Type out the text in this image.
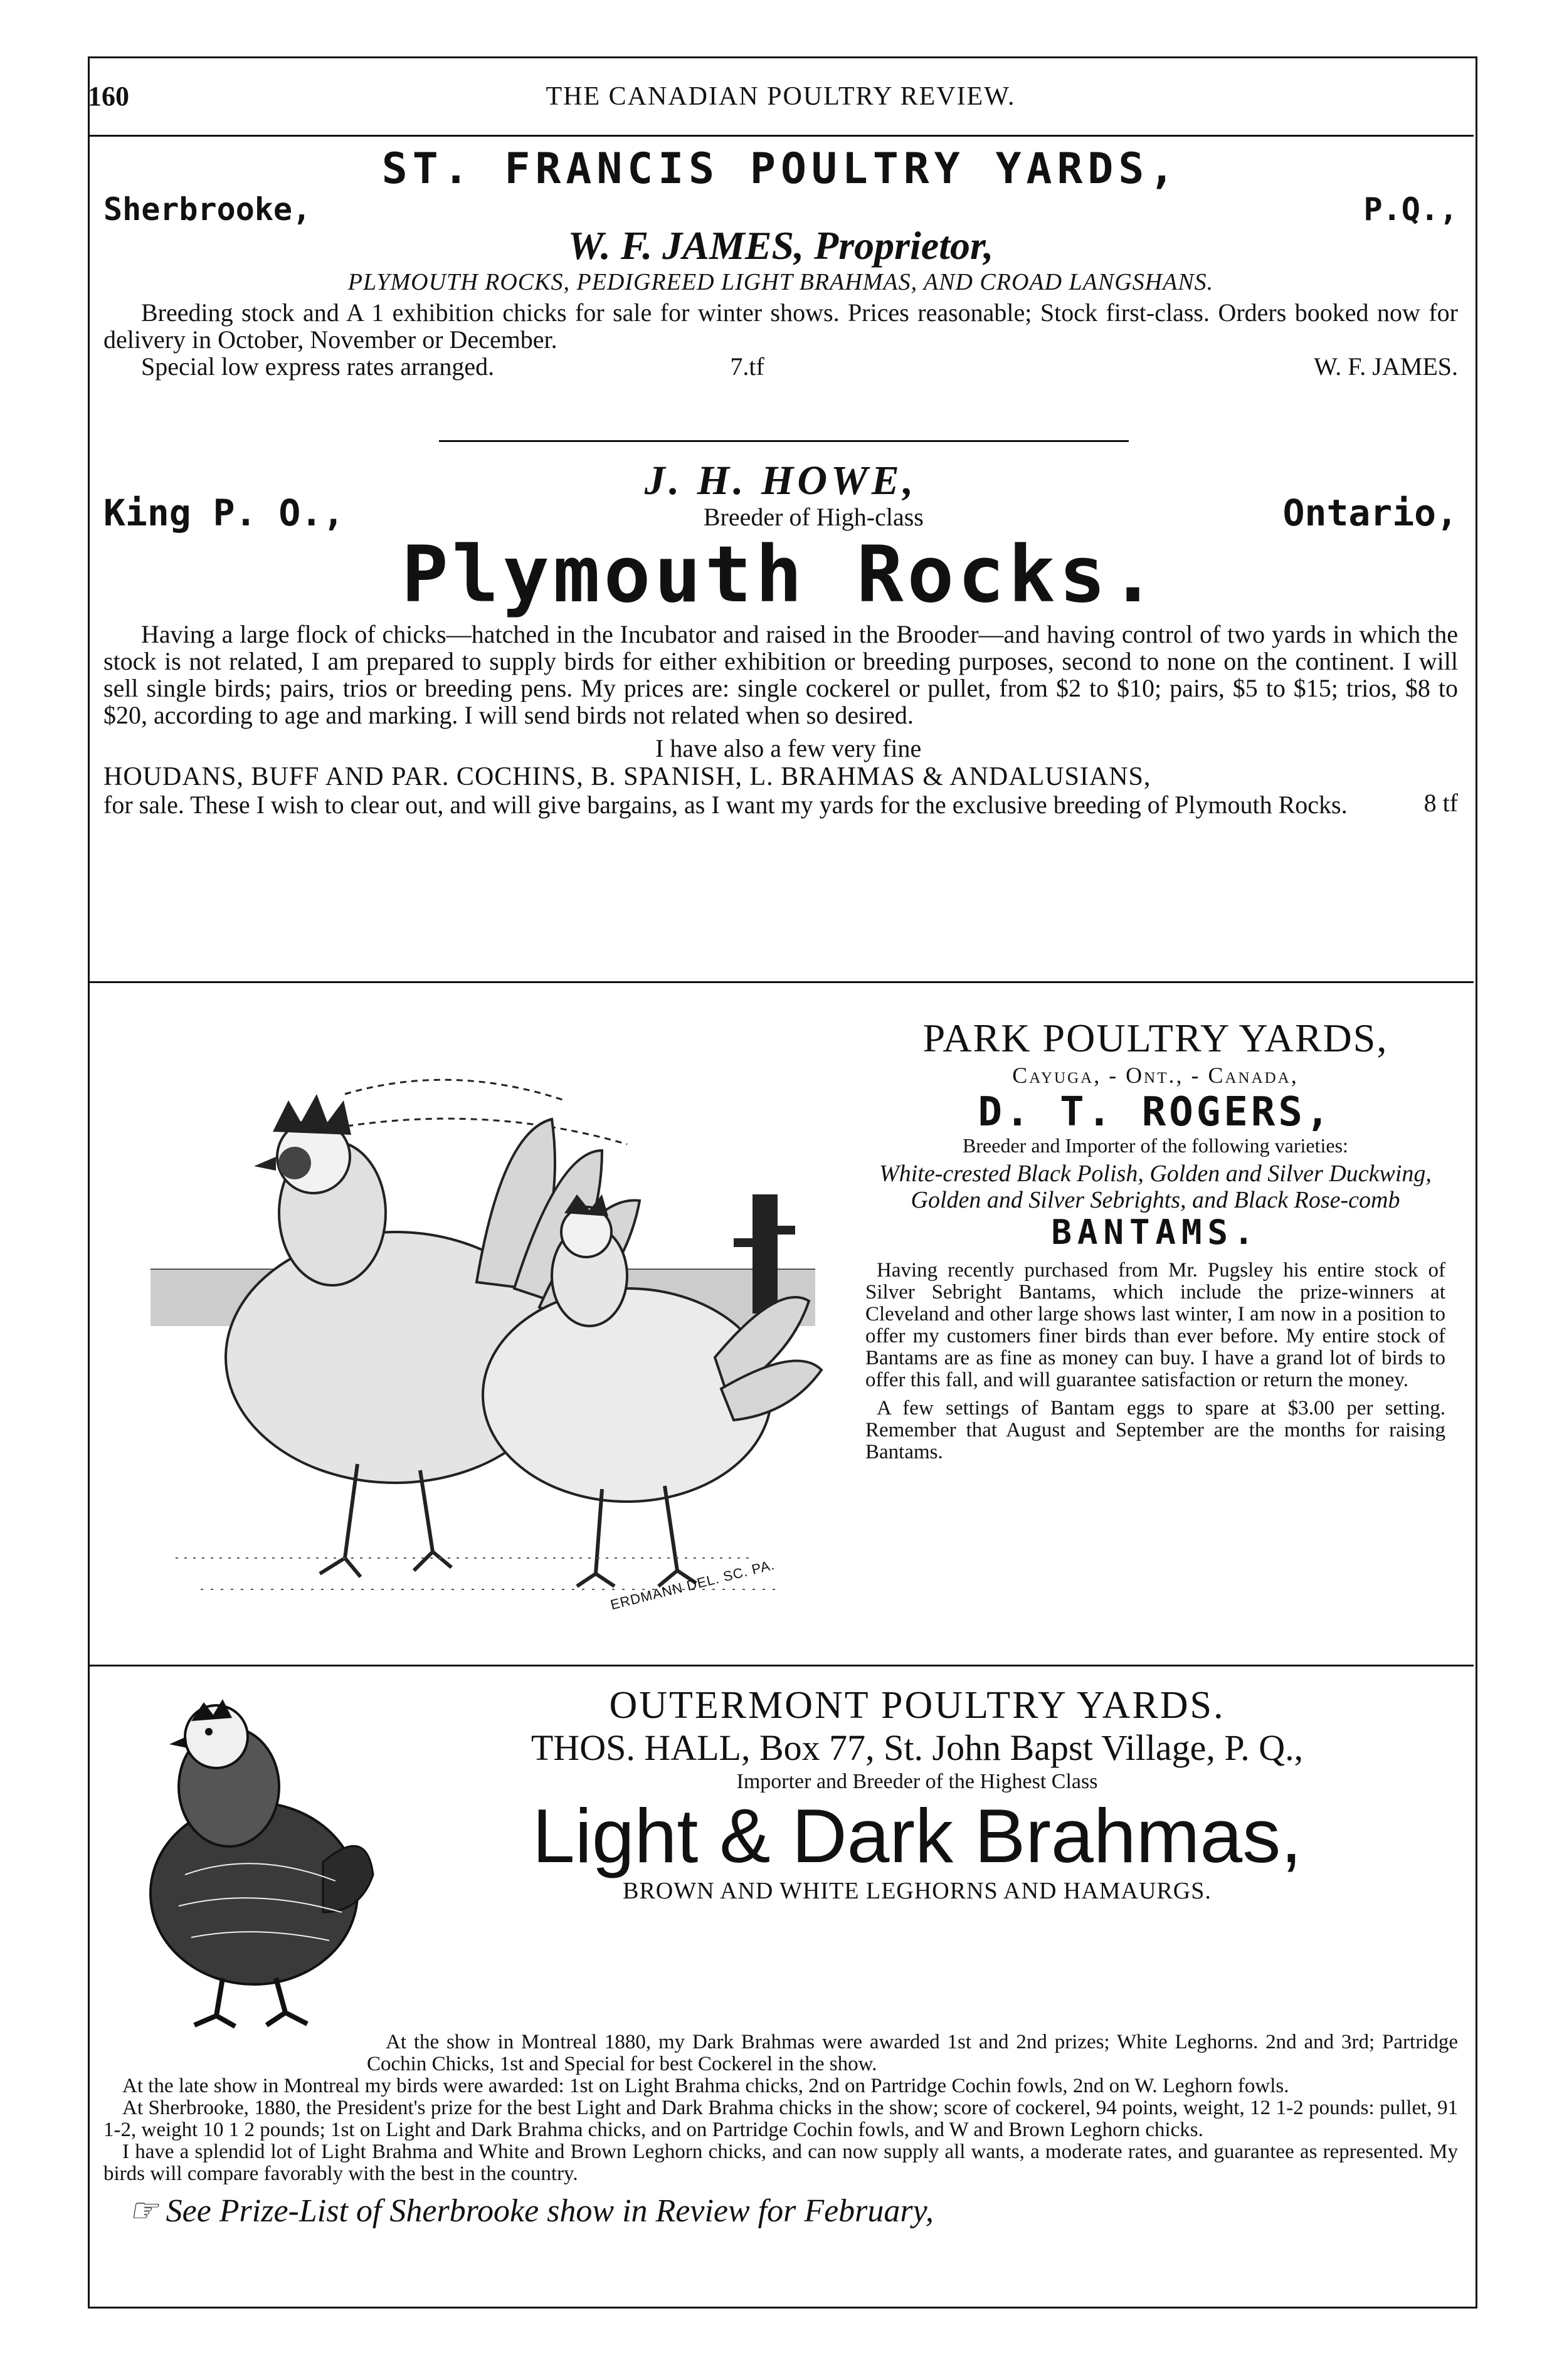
160	THE CANADIAN POULTRY REVIEW.
ST. FRANCIS POULTRY YARDS,
Sherbrooke,	P.Q.,
W. F. JAMES, Proprietor,
PLYMOUTH ROCKS, PEDIGREED LIGHT BRAHMAS, AND CROAD LANGSHANS.
Breeding stock and A 1 exhibition chicks for sale for winter shows. Prices reasonable; Stock first-class. Orders booked now for delivery in October, November or December.
Special low express rates arranged.	7.tf	W. F. JAMES.
J. H. HOWE,
King P. O.,	Breeder of High-class	Ontario,
Plymouth Rocks.
Having a large flock of chicks—hatched in the Incubator and raised in the Brooder—and having control of two yards in which the stock is not related, I am prepared to supply birds for either exhibition or breeding purposes, second to none on the continent. I will sell single birds; pairs, trios or breeding pens. My prices are: single cockerel or pullet, from $2 to $10; pairs, $5 to $15; trios, $8 to $20, according to age and marking. I will send birds not related when so desired.
I have also a few very fine
HOUDANS, BUFF AND PAR. COCHINS, B. SPANISH, L. BRAHMAS & ANDALUSIANS,
for sale. These I wish to clear out, and will give bargains, as I want my yards for the exclusive breeding of Plymouth Rocks.	8 tf
ERDMANN DEL. SC. PA.
PARK POULTRY YARDS,
Cayuga, - Ont., - Canada,
D. T. ROGERS,
Breeder and Importer of the following varieties:
White-crested Black Polish, Golden and Silver Duckwing, Golden and Silver Sebrights, and Black Rose-comb
BANTAMS.
Having recently purchased from Mr. Pugsley his entire stock of Silver Sebright Bantams, which include the prize-winners at Cleveland and other large shows last winter, I am now in a position to offer my customers finer birds than ever before. My entire stock of Bantams are as fine as money can buy. I have a grand lot of birds to offer this fall, and will guarantee satisfaction or return the money.
A few settings of Bantam eggs to spare at $3.00 per setting. Remember that August and September are the months for raising Bantams.
OUTERMONT POULTRY YARDS.
THOS. HALL, Box 77, St. John Bapst Village, P. Q.,
Importer and Breeder of the Highest Class
Light & Dark Brahmas,
BROWN AND WHITE LEGHORNS AND HAMAURGS.
At the show in Montreal 1880, my Dark Brahmas were awarded 1st and 2nd prizes; White Leghorns. 2nd and 3rd; Partridge Cochin Chicks, 1st and Special for best Cockerel in the show.
At the late show in Montreal my birds were awarded: 1st on Light Brahma chicks, 2nd on Partridge Cochin fowls, 2nd on W. Leghorn fowls.
At Sherbrooke, 1880, the President's prize for the best Light and Dark Brahma chicks in the show; score of cockerel, 94 points, weight, 12 1-2 pounds: pullet, 91 1-2, weight 10 1 2 pounds; 1st on Light and Dark Brahma chicks, and on Partridge Cochin fowls, and W and Brown Leghorn chicks.
I have a splendid lot of Light Brahma and White and Brown Leghorn chicks, and can now supply all wants, a moderate rates, and guarantee as represented. My birds will compare favorably with the best in the country.
☞ See Prize-List of Sherbrooke show in Review for February,
